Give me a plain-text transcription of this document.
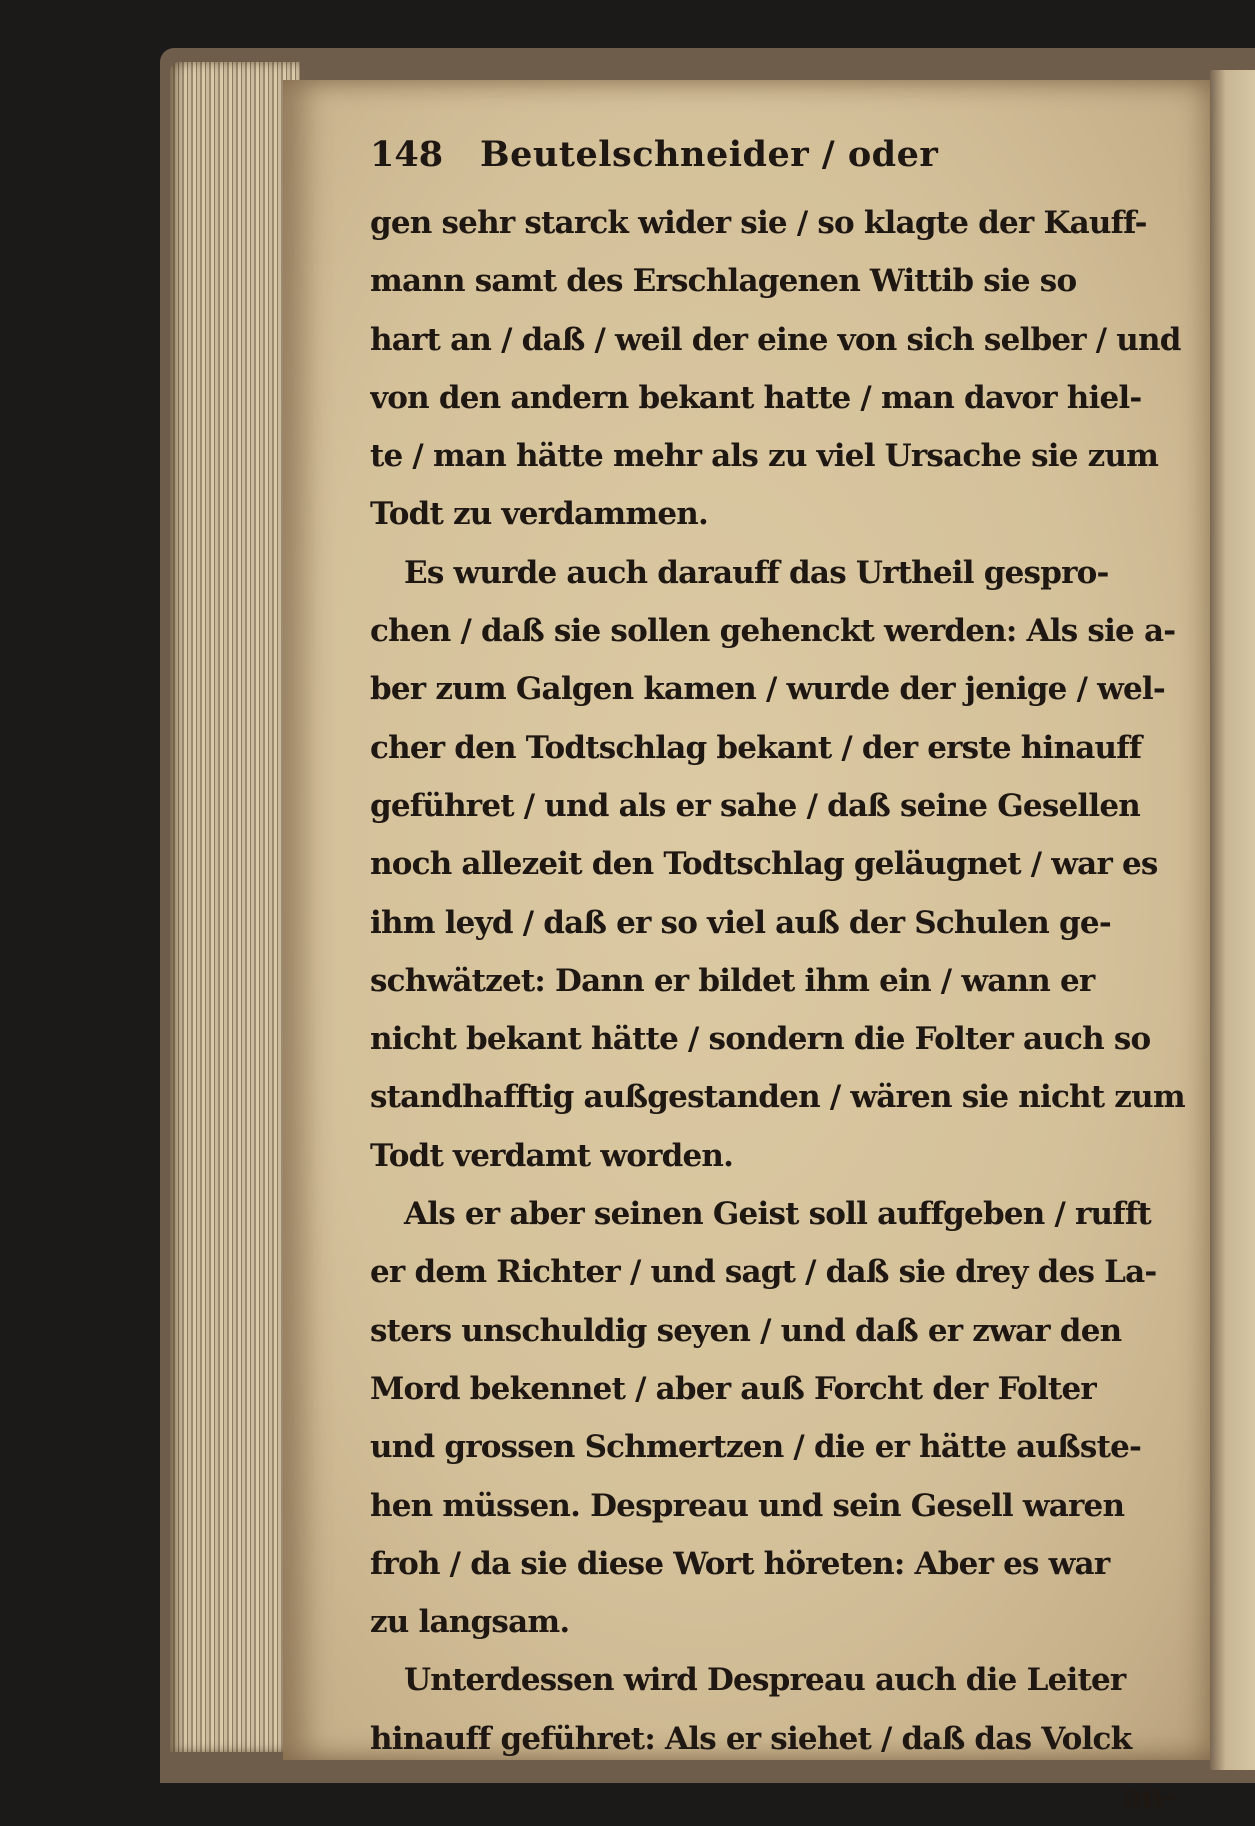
148	Beutelschneider / oder
gen sehr starck wider sie / so klagte der Kauff-
mann samt des Erschlagenen Wittib sie so
hart an / daß / weil der eine von sich selber / und
von den andern bekant hatte / man davor hiel-
te / man hätte mehr als zu viel Ursache sie zum
Todt zu verdammen.
Es wurde auch darauff das Urtheil gespro-
chen / daß sie sollen gehenckt werden: Als sie a-
ber zum Galgen kamen / wurde der jenige / wel-
cher den Todtschlag bekant / der erste hinauff
geführet / und als er sahe / daß seine Gesellen
noch allezeit den Todtschlag geläugnet / war es
ihm leyd / daß er so viel auß der Schulen ge-
schwätzet: Dann er bildet ihm ein / wann er
nicht bekant hätte / sondern die Folter auch so
standhafftig außgestanden / wären sie nicht zum
Todt verdamt worden.
Als er aber seinen Geist soll auffgeben / rufft
er dem Richter / und sagt / daß sie drey des La-
sters unschuldig seyen / und daß er zwar den
Mord bekennet / aber auß Forcht der Folter
und grossen Schmertzen / die er hätte außste-
hen müssen. Despreau und sein Gesell waren
froh / da sie diese Wort höreten: Aber es war
zu langsam.
Unterdessen wird Despreau auch die Leiter
hinauff geführet: Als er siehet / daß das Volck
an-
